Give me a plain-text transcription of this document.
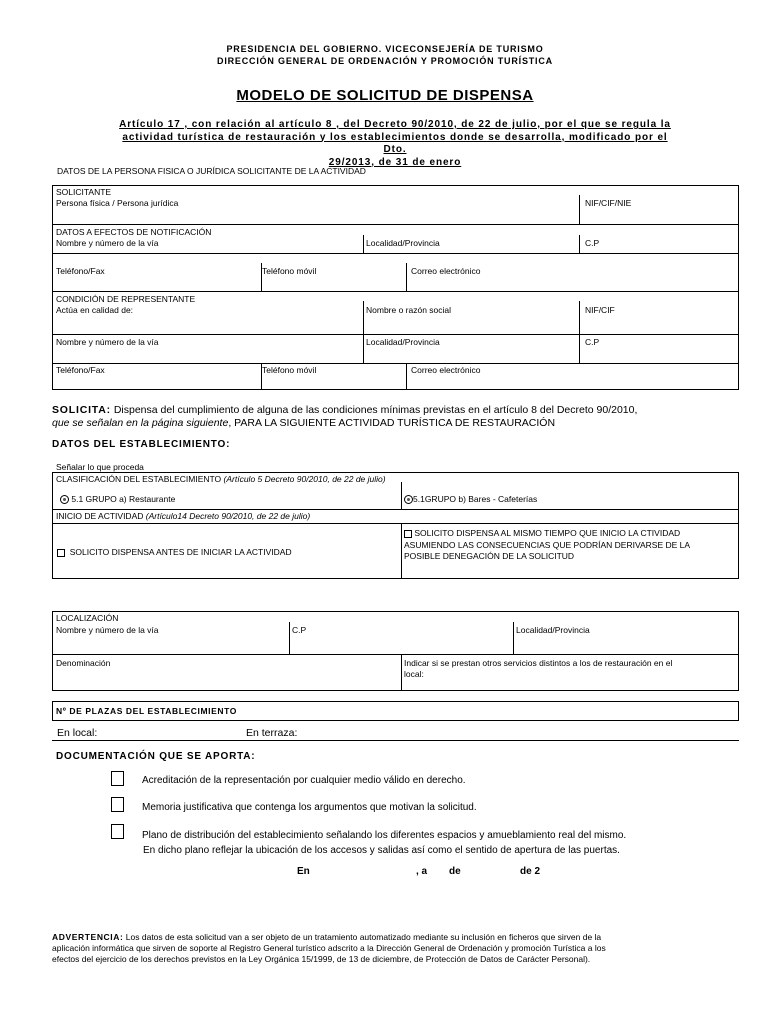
PRESIDENCIA DEL GOBIERNO. VICECONSEJERÍA DE TURISMO
DIRECCIÓN GENERAL DE ORDENACIÓN Y PROMOCIÓN TURÍSTICA
MODELO DE SOLICITUD DE DISPENSA
Artículo 17 , con relación al artículo 8 , del Decreto 90/2010, de 22 de julio, por el que se regula la
actividad turística de restauración y los establecimientos donde se desarrolla, modificado por el Dto.
29/2013, de 31 de enero
DATOS DE LA PERSONA FISICA O JURÍDICA SOLICITANTE DE LA ACTIVIDAD
SOLICITANTE
Persona física / Persona jurídica	NIF/CIF/NIE
DATOS A EFECTOS DE NOTIFICACIÓN
Nombre y número de la vía	Localidad/Provincia	C.P
Teléfono/Fax	Teléfono móvil	Correo electrónico
CONDICIÓN DE REPRESENTANTE
Actúa en calidad de:	Nombre o razón social	NIF/CIF
Nombre y número de la vía	Localidad/Provincia	C.P
Teléfono/Fax	Teléfono móvil	Correo electrónico
SOLICITA: Dispensa del cumplimiento de alguna de las condiciones mínimas previstas en el artículo 8 del Decreto 90/2010,
que se señalan en la página siguiente, PARA LA SIGUIENTE ACTIVIDAD TURÍSTICA DE RESTAURACIÓN
DATOS DEL ESTABLECIMIENTO:
Señalar lo que proceda
CLASIFICACIÓN DEL ESTABLECIMIENTO (Artículo 5 Decreto 90/2010, de 22 de julio)
5.1 GRUPO a) Restaurante	5.1GRUPO b) Bares - Cafeterías
INICIO DE ACTIVIDAD (Artículo14 Decreto 90/2010, de 22 de julio)
SOLICITO DISPENSA ANTES DE INICIAR LA ACTIVIDAD
SOLICITO DISPENSA AL MISMO TIEMPO QUE INICIO LA CTIVIDAD
ASUMIENDO LAS CONSECUENCIAS QUE PODRÍAN DERIVARSE DE LA
POSIBLE DENEGACIÓN DE LA SOLICITUD
LOCALIZACIÓN
Nombre y número de la vía	C.P	Localidad/Provincia
Denominación	Indicar si se prestan otros servicios distintos a los de restauración en el
local:
Nº DE PLAZAS DEL ESTABLECIMIENTO
En local:	En terraza:
DOCUMENTACIÓN QUE SE APORTA:
Acreditación de la representación por cualquier medio válido en derecho.
Memoria justificativa que contenga los argumentos que motivan la solicitud.
Plano de distribución del establecimiento señalando los diferentes espacios y amueblamiento real del mismo.
En dicho plano reflejar la ubicación de los accesos y salidas así como el sentido de apertura de las puertas.
En	, a de	de 2
ADVERTENCIA: Los datos de esta solicitud van a ser objeto de un tratamiento automatizado mediante su inclusión en ficheros que sirven de la
aplicación informática que sirven de soporte al Registro General turístico adscrito a la Dirección General de Ordenación y promoción Turística a los
efectos del ejercicio de los derechos previstos en la Ley Orgánica 15/1999, de 13 de diciembre, de Protección de Datos de Carácter Personal).
